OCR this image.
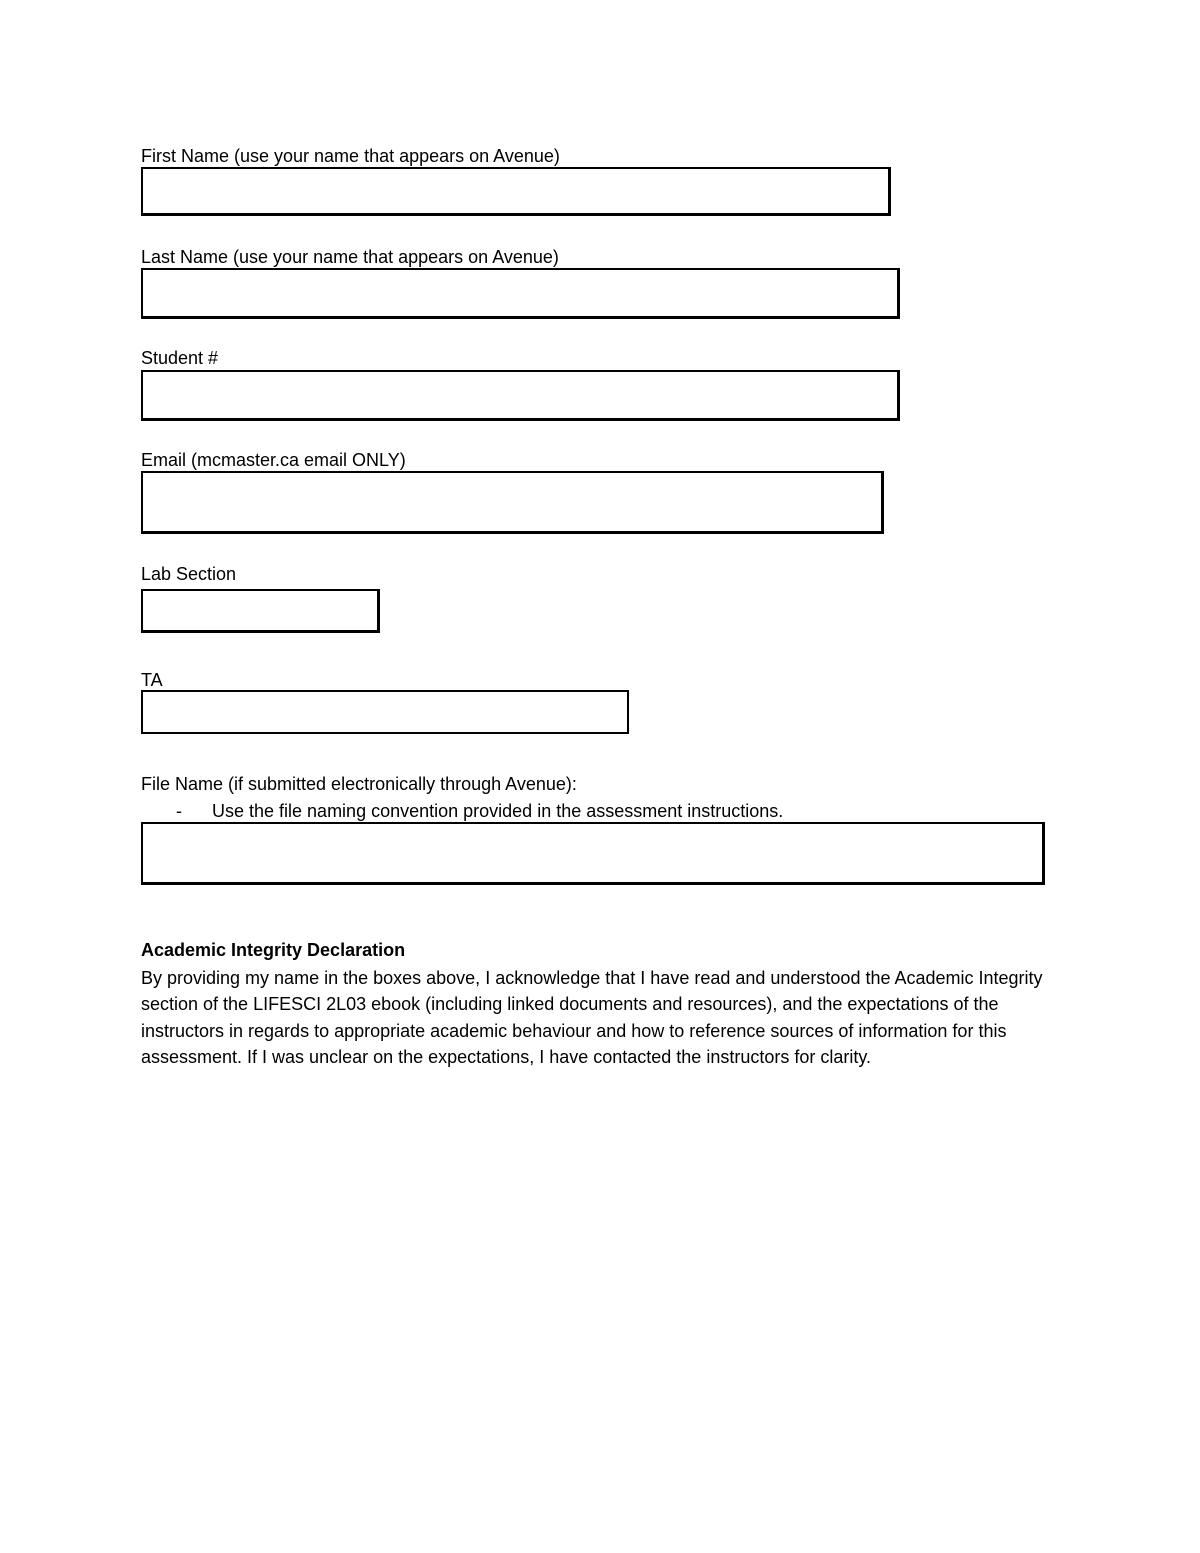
First Name (use your name that appears on Avenue)
Last Name (use your name that appears on Avenue)
Student #
Email (mcmaster.ca email ONLY)
Lab Section
TA
File Name (if submitted electronically through Avenue):
- Use the file naming convention provided in the assessment instructions.
Academic Integrity Declaration
By providing my name in the boxes above, I acknowledge that I have read and understood the Academic Integrity section of the LIFESCI 2L03 ebook (including linked documents and resources), and the expectations of the instructors in regards to appropriate academic behaviour and how to reference sources of information for this assessment. If I was unclear on the expectations, I have contacted the instructors for clarity.
